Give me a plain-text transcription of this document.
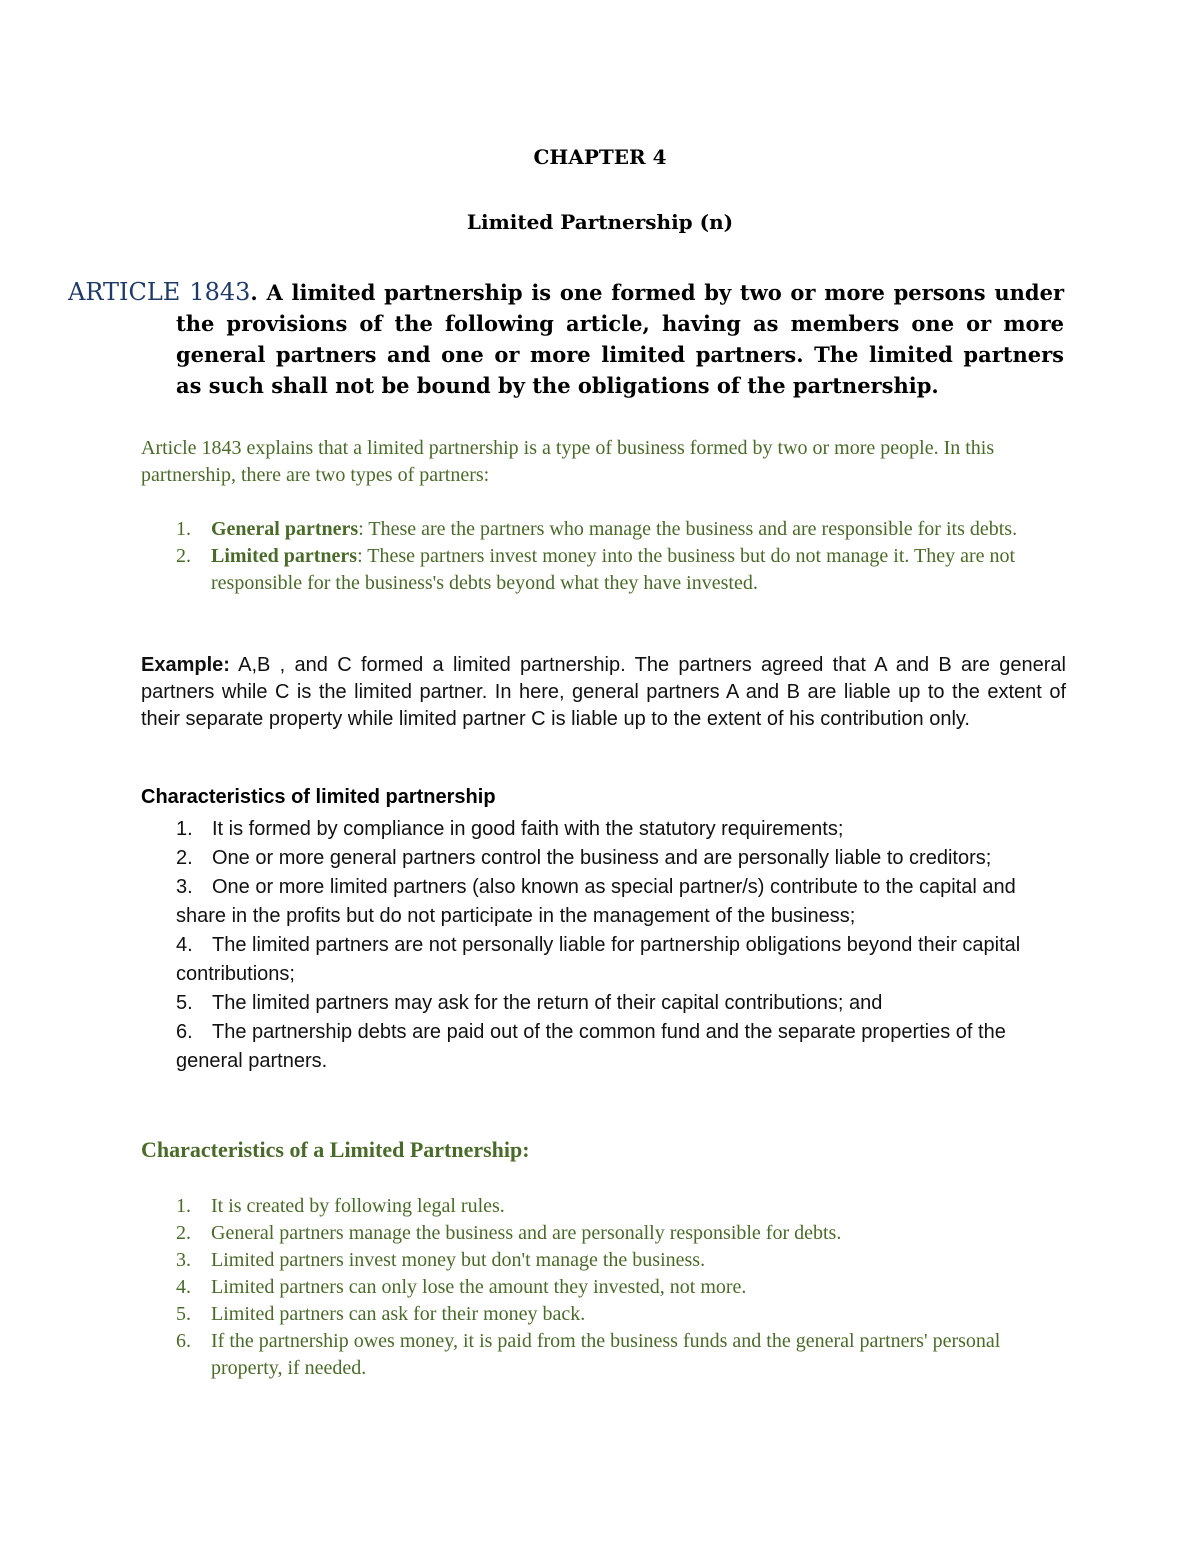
CHAPTER 4
Limited Partnership (n)
ARTICLE 1843. A limited partnership is one formed by two or more persons under the provisions of the following article, having as members one or more general partners and one or more limited partners. The limited partners as such shall not be bound by the obligations of the partnership.
Article 1843 explains that a limited partnership is a type of business formed by two or more people. In this partnership, there are two types of partners:
1. General partners: These are the partners who manage the business and are responsible for its debts.
2. Limited partners: These partners invest money into the business but do not manage it. They are not responsible for the business's debts beyond what they have invested.
Example: A,B , and C formed a limited partnership. The partners agreed that A and B are general partners while C is the limited partner. In here, general partners A and B are liable up to the extent of their separate property while limited partner C is liable up to the extent of his contribution only.
Characteristics of limited partnership
1. It is formed by compliance in good faith with the statutory requirements;
2. One or more general partners control the business and are personally liable to creditors;
3. One or more limited partners (also known as special partner/s) contribute to the capital and share in the profits but do not participate in the management of the business;
4. The limited partners are not personally liable for partnership obligations beyond their capital contributions;
5. The limited partners may ask for the return of their capital contributions; and
6. The partnership debts are paid out of the common fund and the separate properties of the general partners.
Characteristics of a Limited Partnership:
1. It is created by following legal rules.
2. General partners manage the business and are personally responsible for debts.
3. Limited partners invest money but don't manage the business.
4. Limited partners can only lose the amount they invested, not more.
5. Limited partners can ask for their money back.
6. If the partnership owes money, it is paid from the business funds and the general partners' personal property, if needed.
